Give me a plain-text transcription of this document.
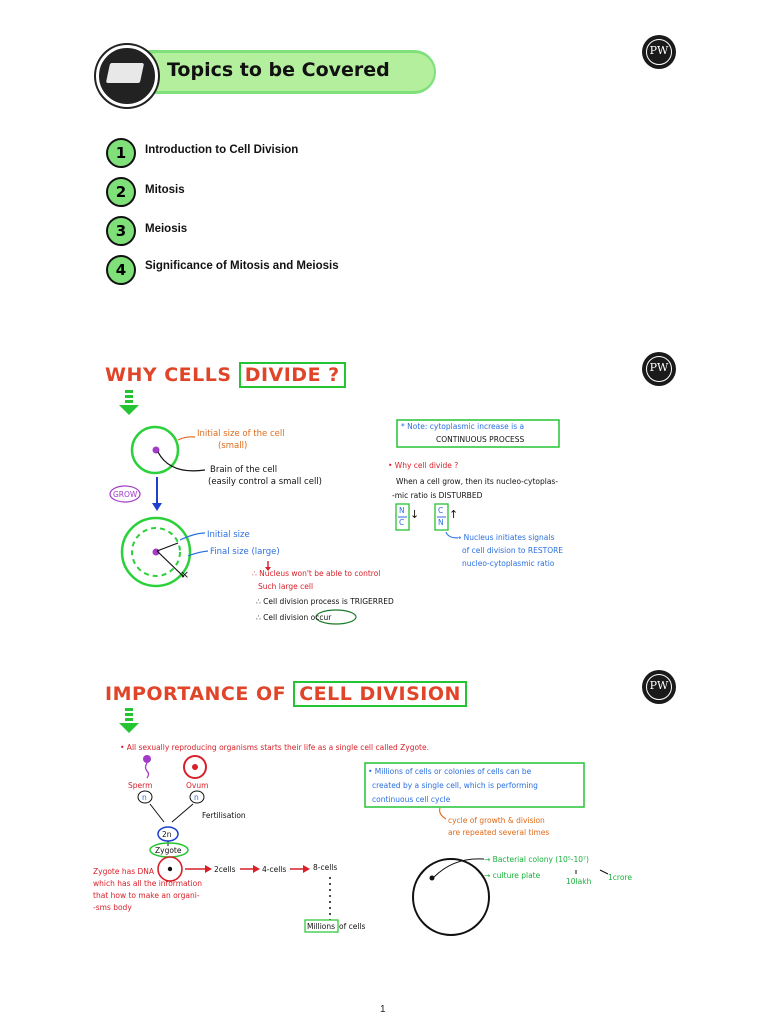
Topics to be Covered
PW
1	Introduction to Cell Division
2	Mitosis
3	Meiosis
4	Significance of Mitosis and Meiosis
WHY CELLS DIVIDE ?	PW
Initial size of the cell
(small)
Brain of the cell
(easily control a small cell)
GROW
Initial size
Final size (large)
×	∴ Nucleus won't be able to control
Such large cell
∴ Cell division process is TRIGERRED
∴ Cell division occur
* Note: cytoplasmic increase is a
CONTINUOUS PROCESS
• Why cell divide ?
When a cell grow, then its nucleo-cytoplas-
-mic ratio is DISTURBED
N
C
↓	C
N
↑
→ Nucleus initiates signals
of cell division to RESTORE
nucleo-cytoplasmic ratio
IMPORTANCE OF CELL DIVISION	PW
• All sexually reproducing organisms starts their life as a single cell called Zygote.
Sperm	Ovum
n	n
Fertilisation
2n
Zygote
Zygote has DNA
which has all the information
that how to make an organi-
-sms body
2cells	4-cells	8-cells
Millions of cells
• Millions of cells or colonies of cells can be
created by a single cell, which is performing
continuous cell cycle
cycle of growth & division
are repeated several times
→ Bacterial colony (10⁵-10⁷)
→ culture plate
10lakh 1crore
1
